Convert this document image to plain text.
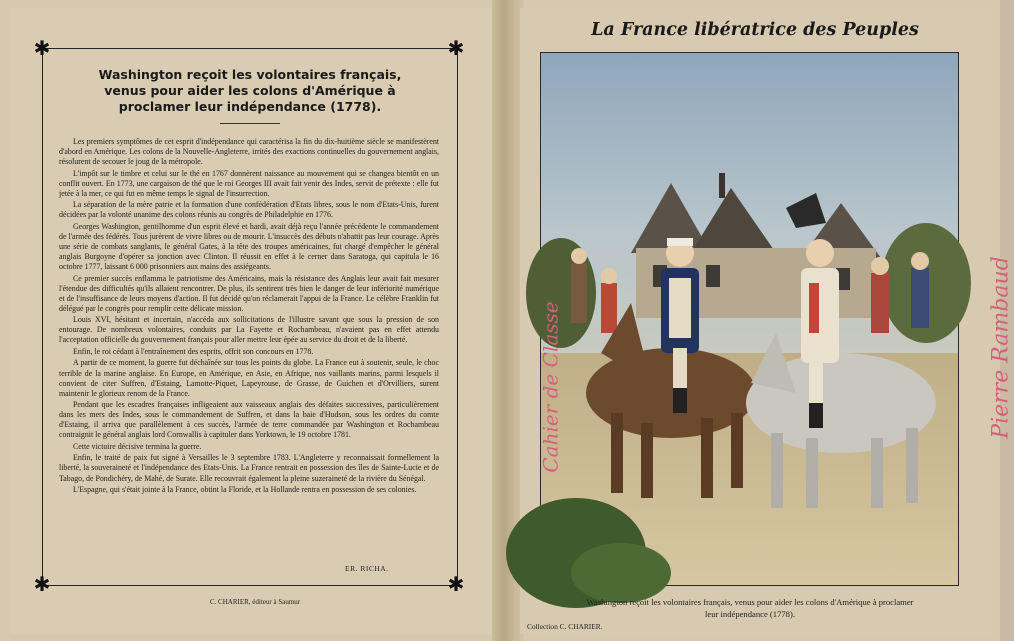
✱	✱
✱	✱
Washington reçoit les volontaires français, venus pour aider les colons d'Amérique à proclamer leur indépendance (1778).

Les premiers symptômes de cet esprit d'indépendance qui caractérisa la fin du dix-huitième siècle se manifestèrent d'abord en Amérique. Les colons de la Nouvelle-Angleterre, irrités des exactions continuelles du gouvernement anglais, résolurent de secouer le joug de la métropole.

L'impôt sur le timbre et celui sur le thé en 1767 donnèrent naissance au mouvement qui se changea bientôt en un conflit ouvert. En 1773, une cargaison de thé que le roi Georges III avait fait venir des Indes, servit de prétexte : elle fut jetée à la mer, ce qui fut en même temps le signal de l'insurrection.

La séparation de la mère patrie et la formation d'une confédération d'Etats libres, sous le nom d'Etats-Unis, furent décidées par la volonté unanime des colons réunis au congrès de Philadelphie en 1776.

Georges Washington, gentilhomme d'un esprit élevé et hardi, avait déjà reçu l'année précédente le commandement de l'armée des fédérés. Tous jurèrent de vivre libres ou de mourir. L'insuccès des débuts n'abattit pas leur courage. Après une série de combats sanglants, le général Gates, à la tête des troupes américaines, fut chargé d'empêcher le général anglais Burgoyne d'opérer sa jonction avec Clinton. Il réussit en effet à le cerner dans Saratoga, qui capitula le 16 octobre 1777, laissant 6 000 prisonniers aux mains des assiégeants.

Ce premier succès enflamma le patriotisme des Américains, mais la résistance des Anglais leur avait fait mesurer l'étendue des difficultés qu'ils allaient rencontrer. De plus, ils sentirent très bien le danger de leur infériorité numérique et de l'insuffisance de leurs moyens d'action. Il fut décidé qu'on réclamerait l'appui de la France. Le célèbre Franklin fut délégué par le congrès pour remplir cette délicate mission.

Louis XVI, hésitant et incertain, n'accéda aux sollicitations de l'illustre savant que sous la pression de son entourage. De nombreux volontaires, conduits par La Fayette et Rochambeau, n'avaient pas en effet attendu l'acceptation officielle du gouvernement français pour aller mettre leur épée au service du droit et de la liberté.

Enfin, le roi cédant à l'entraînement des esprits, offrit son concours en 1778.

A partir de ce moment, la guerre fut déchaînée sur tous les points du globe. La France eut à soutenir, seule, le choc terrible de la marine anglaise. En Europe, en Amérique, en Asie, en Afrique, nos vaillants marins, parmi lesquels il convient de citer Suffren, d'Estaing, Lamotte-Piquet, Lapeyrouse, de Grasse, de Guichen et d'Orvilliers, surent maintenir le glorieux renom de la France.

Pendant que les escadres françaises infligeaient aux vaisseaux anglais des défaites successives, particulièrement dans les mers des Indes, sous le commandement de Suffren, et dans la baie d'Hudson, sous les ordres du comte d'Estaing, il arriva que parallèlement à ces succès, l'armée de terre commandée par Washington et Rochambeau contraignit le général anglais lord Cornwallis à capituler dans Yorktown, le 19 octobre 1781.

Cette victoire décisive termina la guerre.

Enfin, le traité de paix fut signé à Versailles le 3 septembre 1783. L'Angleterre y reconnaissait formellement la liberté, la souveraineté et l'indépendance des Etats-Unis. La France rentrait en possession des îles de Sainte-Lucie et de Tabago, de Pondichéry, de Mahé, de Surate. Elle recouvrait également la pleine suzeraineté de la rivière du Sénégal.

L'Espagne, qui s'était jointe à la France, obtint la Floride, et la Hollande rentra en possession de ses colonies.

ER. RICHA.
C. CHARIER, éditeur à Saumur
La France libératrice des Peuples

Washington reçoit les volontaires français, venus pour aider les colons d'Amérique à proclamer leur indépendance (1778).

Collection C. CHARIER.
Cahier de Classe	Pierre Rambaud
